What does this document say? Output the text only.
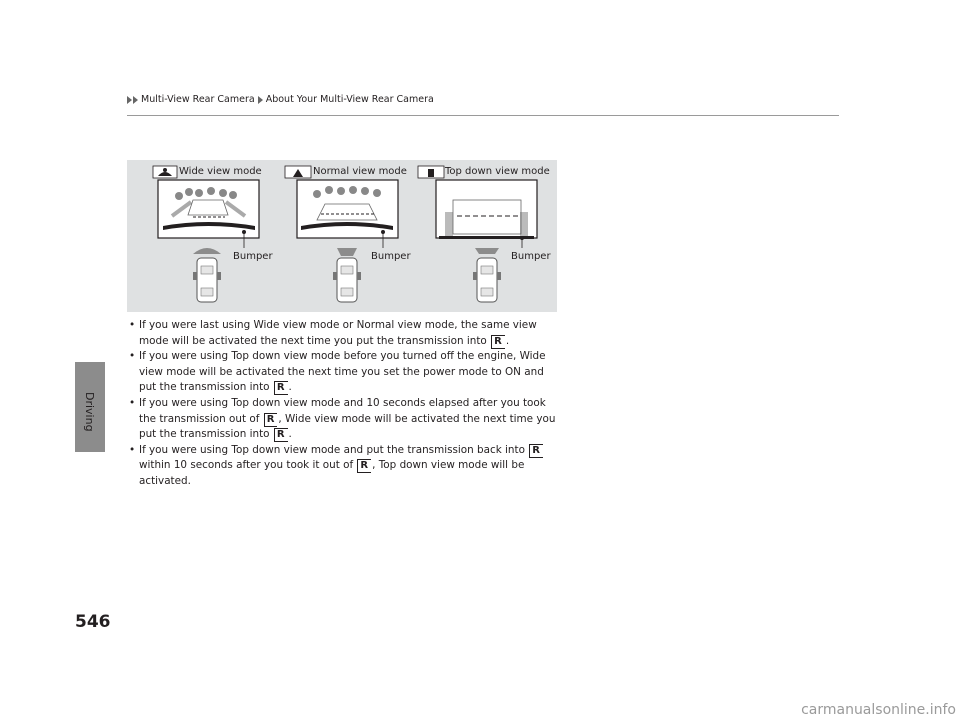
Multi-View Rear Camera About Your Multi-View Rear Camera
Driving
Wide view mode	Normal view mode	Top down view mode
Bumper	Bumper	Bumper
• If you were last using Wide view mode or Normal view mode, the same view mode will be activated the next time you put the transmission into R .
• If you were using Top down view mode before you turned off the engine, Wide view mode will be activated the next time you set the power mode to ON and put the transmission into R .
• If you were using Top down view mode and 10 seconds elapsed after you took the transmission out of R , Wide view mode will be activated the next time you put the transmission into R .
• If you were using Top down view mode and put the transmission back into R within 10 seconds after you took it out of R , Top down view mode will be activated.
546
carmanualsonline.info
